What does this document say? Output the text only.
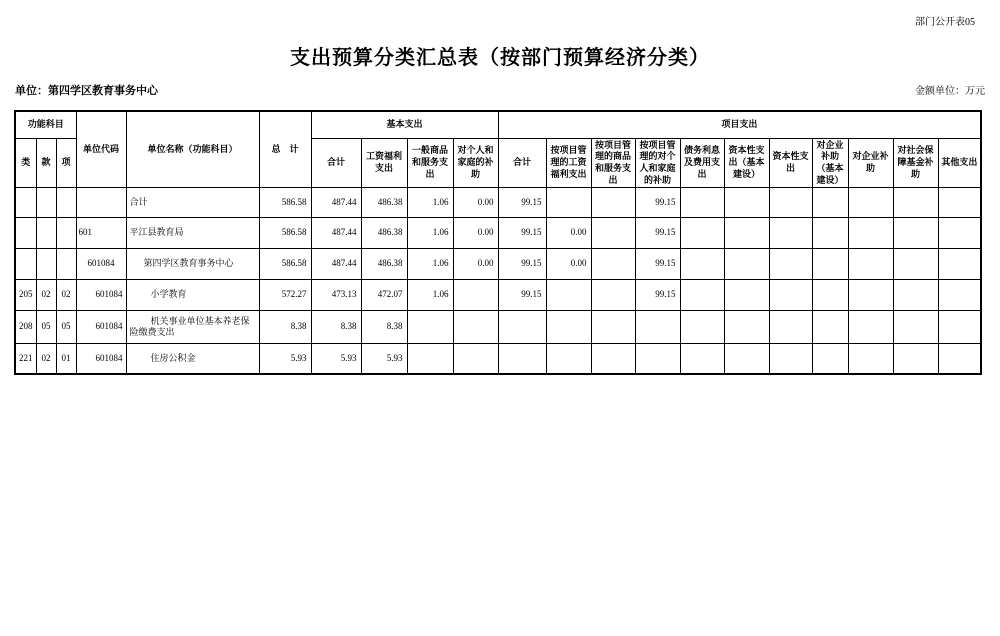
部门公开表05
支出预算分类汇总表（按部门预算经济分类）
单位：第四学区教育事务中心	金额单位：万元
功能科目			单位代码	单位名称（功能科目）	总　计	基本支出				项目支出										
类	款	项				合计	工资福利支出	一般商品和服务支出	对个人和家庭的补助	合计	按项目管理的工资福利支出	按项目管理的商品和服务支出	按项目管理的对个人和家庭的补助	债务利息及费用支出	资本性支出（基本建设）	资本性支出	对企业补助（基本建设）	对企业补助	对社会保障基金补助	其他支出
				合计	586.58	487.44	486.38	1.06	0.00	99.15			99.15							
			601	平江县教育局	586.58	487.44	486.38	1.06	0.00	99.15	0.00		99.15							
			601084	第四学区教育事务中心	586.58	487.44	486.38	1.06	0.00	99.15	0.00		99.15							
205	02	02	601084	小学教育	572.27	473.13	472.07	1.06		99.15			99.15							
208	05	05	601084	机关事业单位基本养老保险缴费支出	8.38	8.38	8.38													
221	02	01	601084	住房公积金	5.93	5.93	5.93													
